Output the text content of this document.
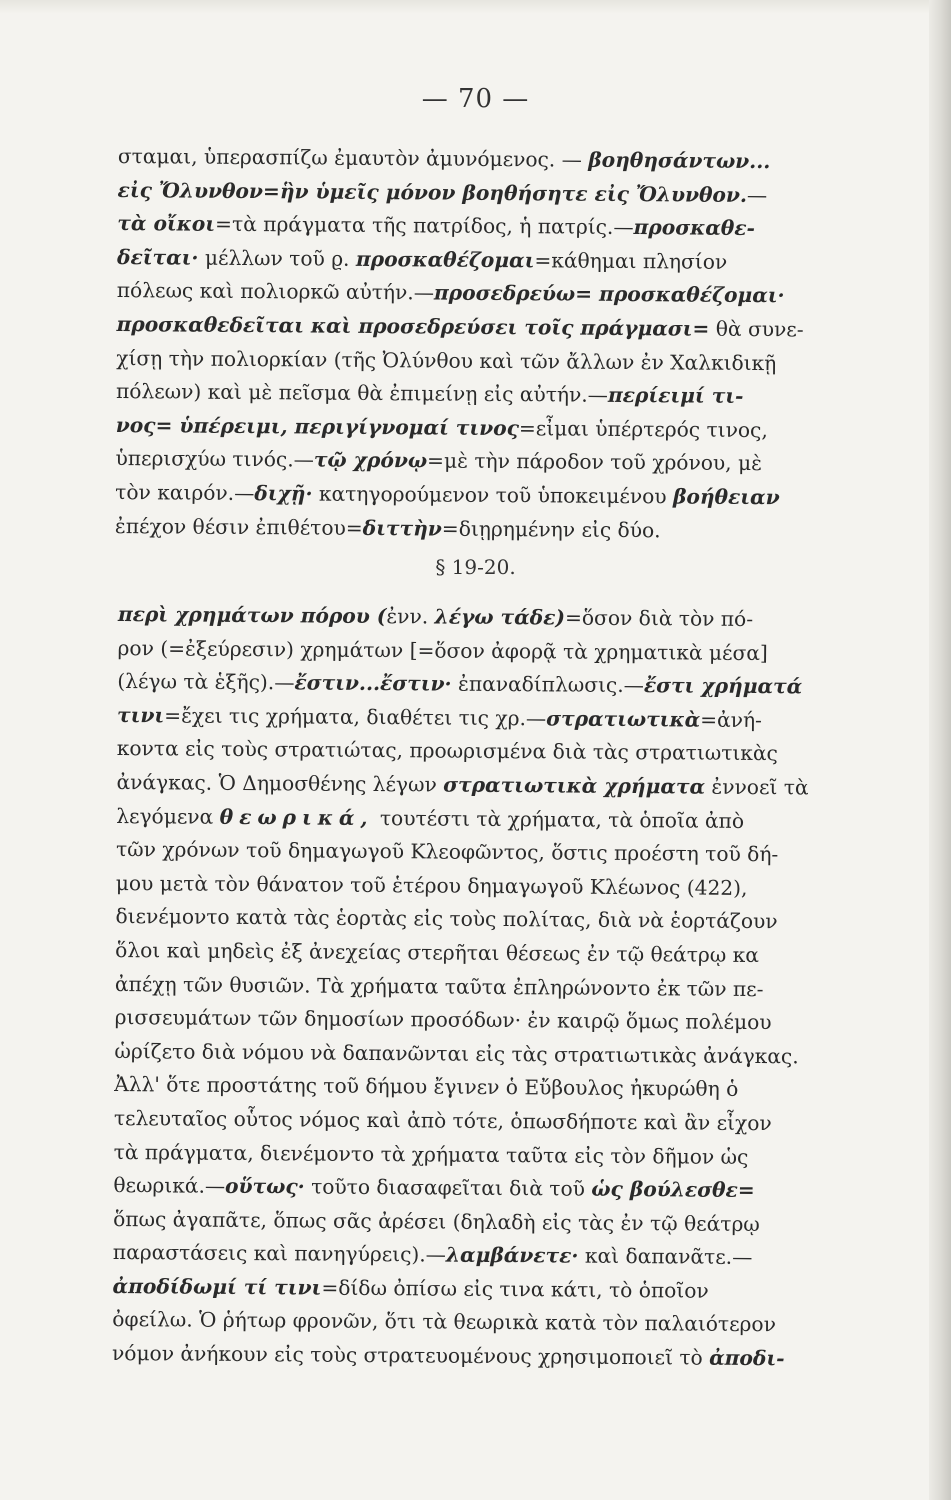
— 70 —
σταμαι, ὑπερασπίζω ἐμαυτὸν ἀμυνόμενος. — βοηθησάντων...
εἰς Ὄλυνθον=ἣν ὑμεῖς μόνον βοηθήσητε εἰς Ὄλυνθον.—
τὰ οἴκοι=τὰ πράγματα τῆς πατρίδος, ἡ πατρίς.—προσκαθε-
δεῖται· μέλλων τοῦ ϱ. προσκαθέζομαι=κάθημαι πλησίον
πόλεως καὶ πολιορκῶ αὐτήν.—προσεδρεύω= προσκαθέζομαι·
προσκαθεδεῖται καὶ προσεδρεύσει τοῖς πράγμασι= θὰ συνε-
χίσῃ τὴν πολιορκίαν (τῆς Ὀλύνθου καὶ τῶν ἄλλων ἐν Χαλκιδικῇ
πόλεων) καὶ μὲ πεῖσμα θὰ ἐπιμείνῃ εἰς αὐτήν.—περίειμί τι-
νος= ὑπέρειμι, περιγίγνομαί τινος=εἶμαι ὑπέρτερός τινος,
ὑπερισχύω τινός.—τῷ χρόνῳ=μὲ τὴν πάροδον τοῦ χρόνου, μὲ
τὸν καιρόν.—διχῇ· κατηγορούμενον τοῦ ὑποκειμένου βοήθειαν
ἐπέχον θέσιν ἐπιθέτου=διττὴν=διῃρημένην εἰς δύο.
§ 19-20.
περὶ χρημάτων πόρου (ἐνν. λέγω τάδε)=ὅσον διὰ τὸν πό-
ρον (=ἐξεύρεσιν) χρημάτων [=ὅσον ἀφορᾷ τὰ χρηματικὰ μέσα]
(λέγω τὰ ἑξῆς).—ἔστιν...ἔστιν· ἐπαναδίπλωσις.—ἔστι χρήματά
τινι=ἔχει τις χρήματα, διαθέτει τις χρ.—στρατιωτικὰ=ἀνή-
κοντα εἰς τοὺς στρατιώτας, προωρισμένα διὰ τὰς στρατιωτικὰς
ἀνάγκας. Ὁ Δημοσθένης λέγων στρατιωτικὰ χρήματα ἐννοεῖ τὰ
λεγόμενα θεωρικά, τουτέστι τὰ χρήματα, τὰ ὁποῖα ἀπὸ
τῶν χρόνων τοῦ δημαγωγοῦ Κλεοφῶντος, ὅστις προέστη τοῦ δή-
μου μετὰ τὸν θάνατον τοῦ ἑτέρου δημαγωγοῦ Κλέωνος (422),
διενέμοντο κατὰ τὰς ἑορτὰς εἰς τοὺς πολίτας, διὰ νὰ ἑορτάζουν
ὅλοι καὶ μηδεὶς ἐξ ἀνεχείας στερῆται θέσεως ἐν τῷ θεάτρῳ κα
ἀπέχῃ τῶν θυσιῶν. Τὰ χρήματα ταῦτα ἐπληρώνοντο ἐκ τῶν πε-
ρισσευμάτων τῶν δημοσίων προσόδων· ἐν καιρῷ ὅμως πολέμου
ὡρίζετο διὰ νόμου νὰ δαπανῶνται εἰς τὰς στρατιωτικὰς ἀνάγκας.
Ἀλλ' ὅτε προστάτης τοῦ δήμου ἔγινεν ὁ Εὔβουλος ἠκυρώθη ὁ
τελευταῖος οὗτος νόμος καὶ ἀπὸ τότε, ὁπωσδήποτε καὶ ἂν εἶχον
τὰ πράγματα, διενέμοντο τὰ χρήματα ταῦτα εἰς τὸν δῆμον ὡς
θεωρικά.—οὕτως· τοῦτο διασαφεῖται διὰ τοῦ ὡς βούλεσθε=
ὅπως ἀγαπᾶτε, ὅπως σᾶς ἀρέσει (δηλαδὴ εἰς τὰς ἐν τῷ θεάτρῳ
παραστάσεις καὶ πανηγύρεις).—λαμβάνετε· καὶ δαπανᾶτε.—
ἀποδίδωμί τί τινι=δίδω ὀπίσω εἰς τινα κάτι, τὸ ὁποῖον
ὀφείλω. Ὁ ῥήτωρ φρονῶν, ὅτι τὰ θεωρικὰ κατὰ τὸν παλαιότερον
νόμον ἀνήκουν εἰς τοὺς στρατευομένους χρησιμοποιεῖ τὸ ἀποδι-
